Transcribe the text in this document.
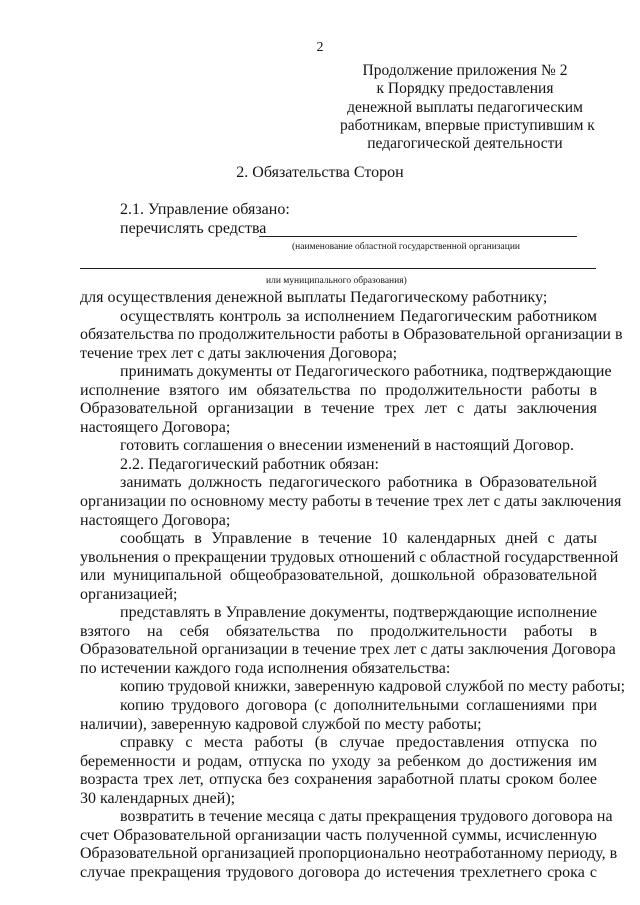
2
Продолжение приложения № 2
к Порядку предоставления
денежной выплаты педагогическим
работникам, впервые приступившим к
педагогической деятельности
2. Обязательства Сторон
2.1. Управление обязано:
перечислять средства
(наименование областной государственной организации
или муниципального образования)
для осуществления денежной выплаты Педагогическому работнику;
осуществлять контроль за исполнением Педагогическим работником
обязательства по продолжительности работы в Образовательной организации в
течение трех лет с даты заключения Договора;
принимать документы от Педагогического работника, подтверждающие
исполнение взятого им обязательства по продолжительности работы в
Образовательной организации в течение трех лет с даты заключения
настоящего Договора;
готовить соглашения о внесении изменений в настоящий Договор.
2.2. Педагогический работник обязан:
занимать должность педагогического работника в Образовательной
организации по основному месту работы в течение трех лет с даты заключения
настоящего Договора;
сообщать в Управление в течение 10 календарных дней с даты
увольнения о прекращении трудовых отношений с областной государственной
или муниципальной общеобразовательной, дошкольной образовательной
организацией;
представлять в Управление документы, подтверждающие исполнение
взятого на себя обязательства по продолжительности работы в
Образовательной организации в течение трех лет с даты заключения Договора
по истечении каждого года исполнения обязательства:
копию трудовой книжки, заверенную кадровой службой по месту работы;
копию трудового договора (с дополнительными соглашениями при
наличии), заверенную кадровой службой по месту работы;
справку с места работы (в случае предоставления отпуска по
беременности и родам, отпуска по уходу за ребенком до достижения им
возраста трех лет, отпуска без сохранения заработной платы сроком более
30 календарных дней);
возвратить в течение месяца с даты прекращения трудового договора на
счет Образовательной организации часть полученной суммы, исчисленную
Образовательной организацией пропорционально неотработанному периоду, в
случае прекращения трудового договора до истечения трехлетнего срока с
